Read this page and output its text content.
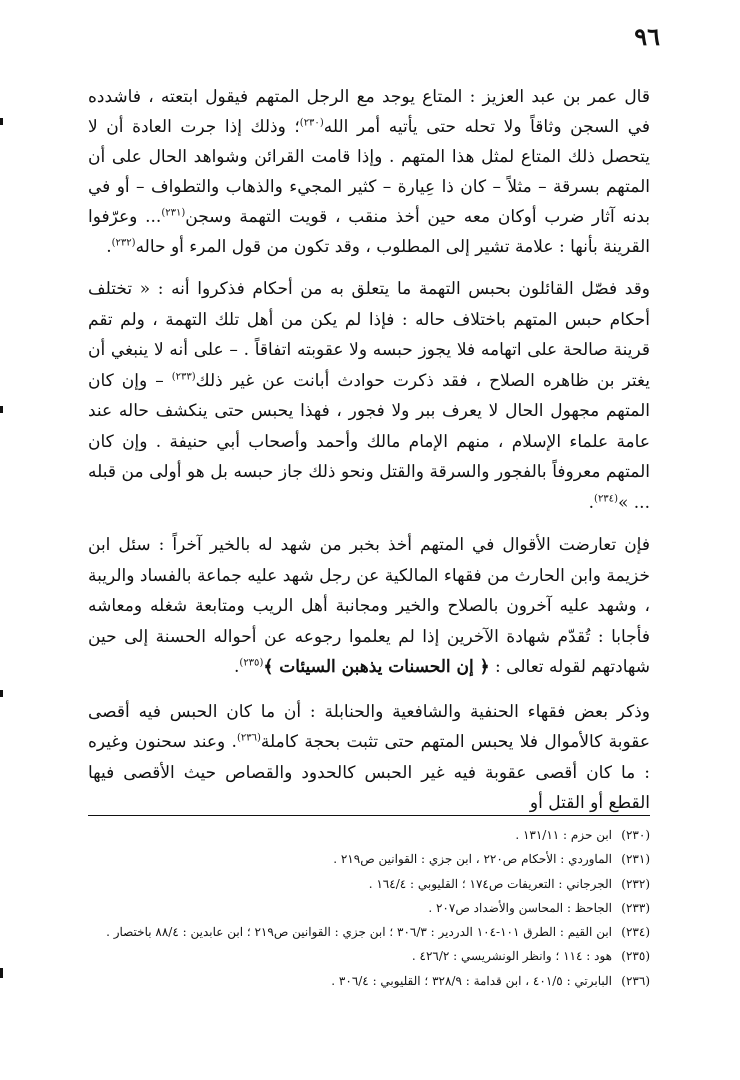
٩٦

قال عمر بن عبد العزيز : المتاع يوجد مع الرجل المتهم فيقول ابتعته ، فاشدده في السجن وثاقاً ولا تحله حتى يأتيه أمر الله$^{(٢٣٠)}$؛ وذلك إذا جرت العادة أن لا يتحصل ذلك المتاع لمثل هذا المتهم . وإذا قامت القرائن وشواهد الحال على أن المتهم بسرقة – مثلاً – كان ذا عِيارة – كثير المجيء والذهاب والتطواف – أو في بدنه آثار ضرب أوكان معه حين أخذ منقب ، قويت التهمة وسجن$^{(٢٣١)}$... وعرّفوا القرينة بأنها : علامة تشير إلى المطلوب ، وقد تكون من قول المرء أو حاله$^{(٢٣٢)}$.

وقد فصّل القائلون بحبس التهمة ما يتعلق به من أحكام فذكروا أنه : « تختلف أحكام حبس المتهم باختلاف حاله : فإذا لم يكن من أهل تلك التهمة ، ولم تقم قرينة صالحة على اتهامه فلا يجوز حبسه ولا عقوبته اتفاقاً . – على أنه لا ينبغي أن يغتر بن ظاهره الصلاح ، فقد ذكرت حوادث أبانت عن غير ذلك$^{(٢٣٣)}$ – وإن كان المتهم مجهول الحال لا يعرف ببر ولا فجور ، فهذا يحبس حتى ينكشف حاله عند عامة علماء الإسلام ، منهم الإمام مالك وأحمد وأصحاب أبي حنيفة . وإن كان المتهم معروفاً بالفجور والسرقة والقتل ونحو ذلك جاز حبسه بل هو أولى من قبله ... »$^{(٢٣٤)}$.

فإن تعارضت الأقوال في المتهم أخذ بخبر من شهد له بالخير آخراً : سئل ابن خزيمة وابن الحارث من فقهاء المالكية عن رجل شهد عليه جماعة بالفساد والريبة ، وشهد عليه آخرون بالصلاح والخير ومجانبة أهل الريب ومتابعة شغله ومعاشه فأجابا : تُقدّم شهادة الآخرين إذا لم يعلموا رجوعه عن أحواله الحسنة إلى حين شهادتهم لقوله تعالى : ﴿ إن الحسنات يذهبن السيئات ﴾$^{(٢٣٥)}$.

وذكر بعض فقهاء الحنفية والشافعية والحنابلة : أن ما كان الحبس فيه أقصى عقوبة كالأموال فلا يحبس المتهم حتى تثبت بحجة كاملة$^{(٢٣٦)}$. وعند سحنون وغيره : ما كان أقصى عقوبة فيه غير الحبس كالحدود والقصاص حيث الأقصى فيها القطع أو القتل أو

(٢٣٠)
ابن حزم : ١٣١/١١ .
(٢٣١)
الماوردي : الأحكام ص٢٢٠ ، ابن جزي : القوانين ص٢١٩ .
(٢٣٢)
الجرجاني : التعريفات ص١٧٤ ؛ القليوبي : ١٦٤/٤ .
(٢٣٣)
الجاحظ : المحاسن والأضداد ص٢٠٧ .
(٢٣٤)
ابن القيم : الطرق ١٠١-١٠٤ الدردير : ٣٠٦/٣ ؛ ابن جزي : القوانين ص٢١٩ ؛ ابن عابدين : ٨٨/٤ باختصار .
(٢٣٥)
هود : ١١٤ ؛ وانظر الونشريسي : ٤٢٦/٢ .
(٢٣٦)
البابرتي : ٤٠١/٥ ، ابن قدامة : ٣٢٨/٩ ؛ القليوبي : ٣٠٦/٤ .
